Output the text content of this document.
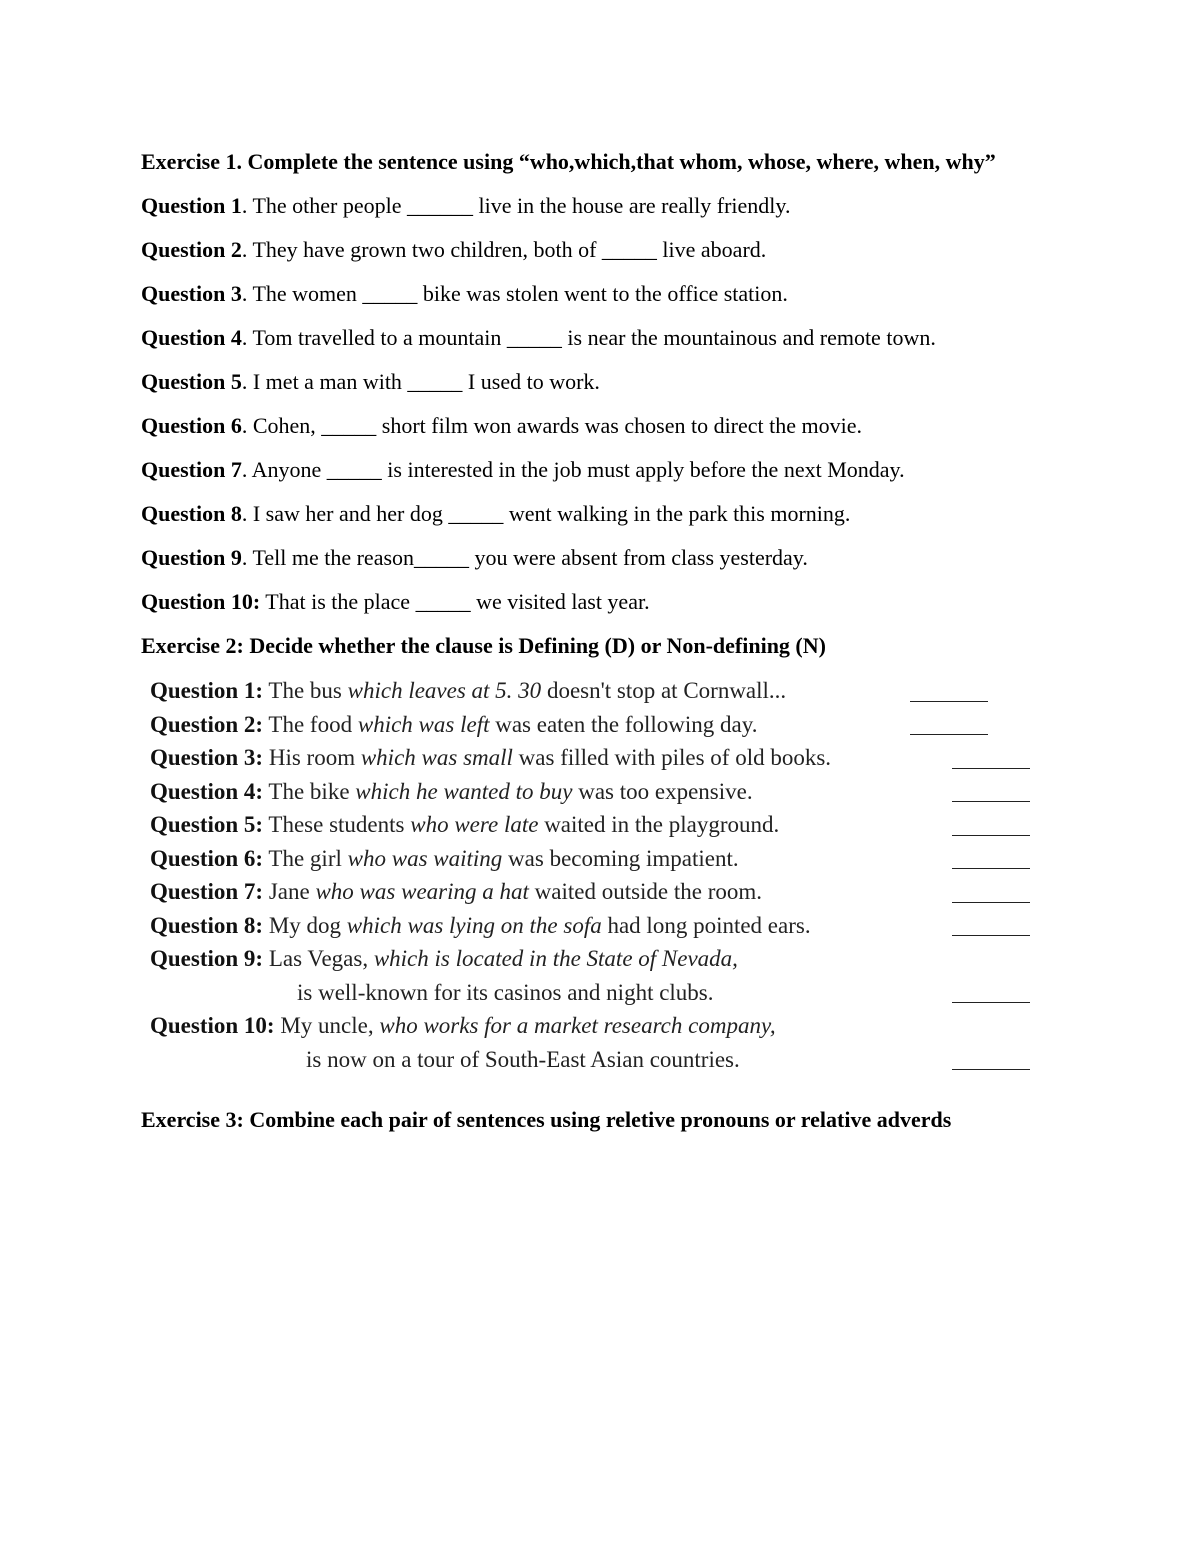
Exercise 1. Complete the sentence using “who,which,that whom, whose, where, when, why”

Question 1. The other people ______ live in the house are really friendly.
Question 2. They have grown two children, both of _____ live aboard.
Question 3. The women _____ bike was stolen went to the office station.
Question 4. Tom travelled to a mountain _____ is near the mountainous and remote town.
Question 5. I met a man with _____ I used to work.
Question 6. Cohen, _____ short film won awards was chosen to direct the movie.
Question 7. Anyone _____ is interested in the job must apply before the next Monday.
Question 8. I saw her and her dog _____ went walking in the park this morning.
Question 9. Tell me the reason_____ you were absent from class yesterday.
Question 10: That is the place _____ we visited last year.

Exercise 2: Decide whether the clause is Defining (D) or Non-defining (N)

Question 1: The bus which leaves at 5. 30 doesn't stop at Cornwall...
Question 2: The food which was left was eaten the following day.
Question 3: His room which was small was filled with piles of old books.
Question 4: The bike which he wanted to buy was too expensive.
Question 5: These students who were late waited in the playground.
Question 6: The girl who was waiting was becoming impatient.
Question 7: Jane who was wearing a hat waited outside the room.
Question 8: My dog which was lying on the sofa had long pointed ears.
Question 9: Las Vegas, which is located in the State of Nevada,
is well-known for its casinos and night clubs.
Question 10: My uncle, who works for a market research company,
is now on a tour of South-East Asian countries.

Exercise 3: Combine each pair of sentences using reletive pronouns or relative adverds
